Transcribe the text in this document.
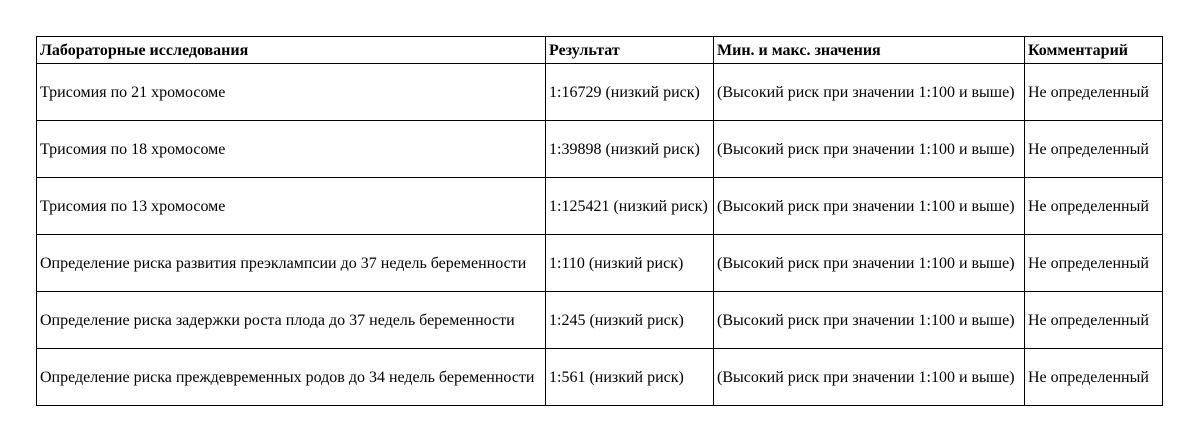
Лабораторные исследования	Результат	Мин. и макс. значения	Комментарий
Трисомия по 21 хромосоме	1:16729 (низкий риск)	(Высокий риск при значении 1:100 и выше)	Не определенный
Трисомия по 18 хромосоме	1:39898 (низкий риск)	(Высокий риск при значении 1:100 и выше)	Не определенный
Трисомия по 13 хромосоме	1:125421 (низкий риск)	(Высокий риск при значении 1:100 и выше)	Не определенный
Определение риска развития преэклампсии до 37 недель беременности	1:110 (низкий риск)	(Высокий риск при значении 1:100 и выше)	Не определенный
Определение риска задержки роста плода до 37 недель беременности	1:245 (низкий риск)	(Высокий риск при значении 1:100 и выше)	Не определенный
Определение риска преждевременных родов до 34 недель беременности	1:561 (низкий риск)	(Высокий риск при значении 1:100 и выше)	Не определенный
